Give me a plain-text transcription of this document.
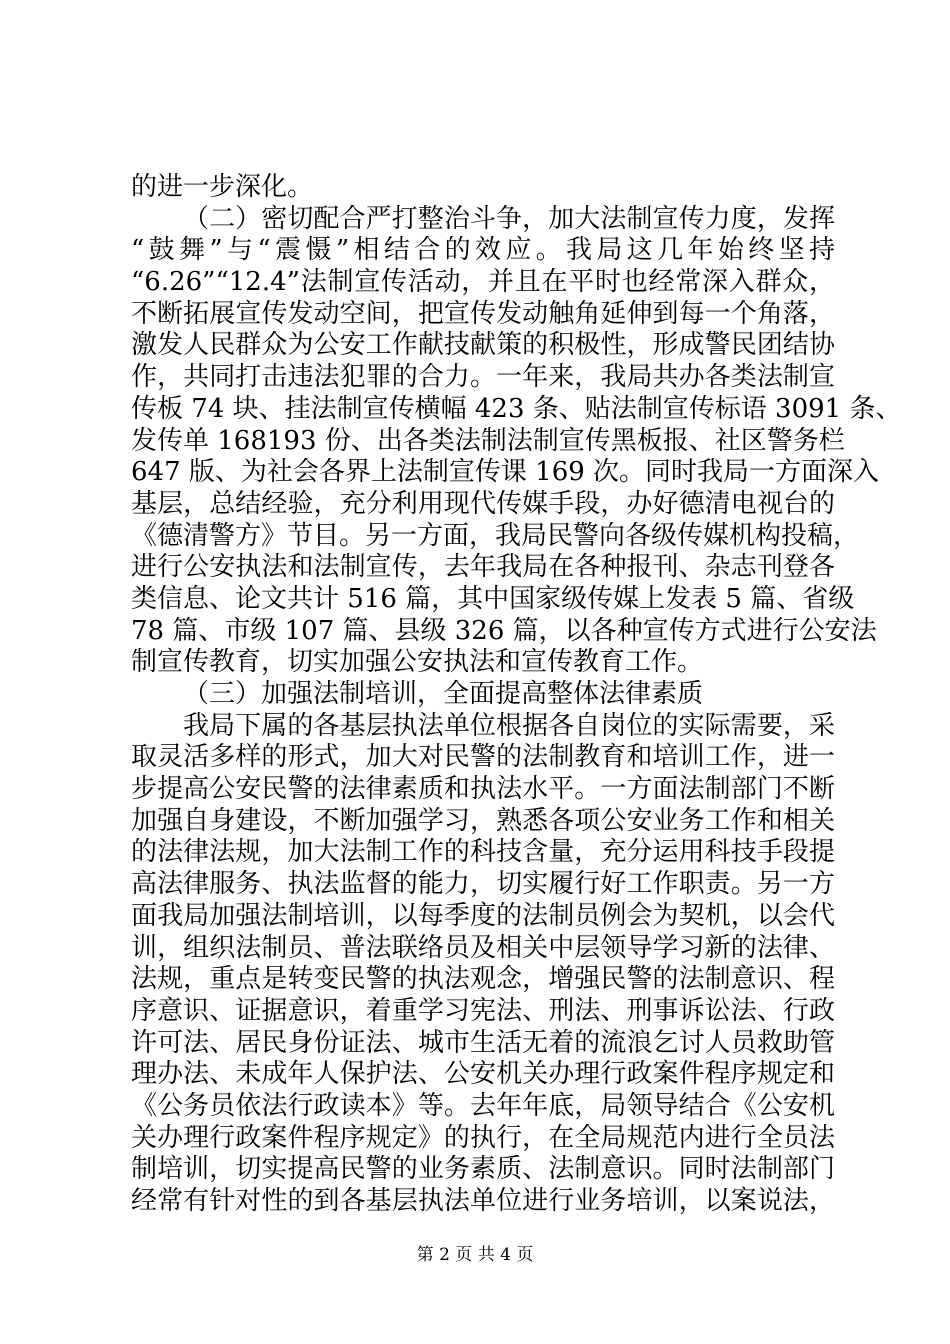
的进一步深化。
（二）密切配合严打整治斗争，加大法制宣传力度，发挥
“鼓舞”与“震慑”相结合的效应。我局这几年始终坚持
“6.26”“12.4”法制宣传活动，并且在平时也经常深入群众，
不断拓展宣传发动空间，把宣传发动触角延伸到每一个角落，
激发人民群众为公安工作献技献策的积极性，形成警民团结协
作，共同打击违法犯罪的合力。一年来，我局共办各类法制宣
传板 74 块、挂法制宣传横幅 423 条、贴法制宣传标语 3091 条、
发传单 168193 份、出各类法制法制宣传黑板报、社区警务栏
647 版、为社会各界上法制宣传课 169 次。同时我局一方面深入
基层，总结经验，充分利用现代传媒手段，办好德清电视台的
《德清警方》节目。另一方面，我局民警向各级传媒机构投稿，
进行公安执法和法制宣传，去年我局在各种报刊、杂志刊登各
类信息、论文共计 516 篇，其中国家级传媒上发表 5 篇、省级
78 篇、市级 107 篇、县级 326 篇，以各种宣传方式进行公安法
制宣传教育，切实加强公安执法和宣传教育工作。
（三）加强法制培训，全面提高整体法律素质
我局下属的各基层执法单位根据各自岗位的实际需要，采
取灵活多样的形式，加大对民警的法制教育和培训工作，进一
步提高公安民警的法律素质和执法水平。一方面法制部门不断
加强自身建设，不断加强学习，熟悉各项公安业务工作和相关
的法律法规，加大法制工作的科技含量，充分运用科技手段提
高法律服务、执法监督的能力，切实履行好工作职责。另一方
面我局加强法制培训，以每季度的法制员例会为契机，以会代
训，组织法制员、普法联络员及相关中层领导学习新的法律、
法规，重点是转变民警的执法观念，增强民警的法制意识、程
序意识、证据意识，着重学习宪法、刑法、刑事诉讼法、行政
许可法、居民身份证法、城市生活无着的流浪乞讨人员救助管
理办法、未成年人保护法、公安机关办理行政案件程序规定和
《公务员依法行政读本》等。去年年底，局领导结合《公安机
关办理行政案件程序规定》的执行，在全局规范内进行全员法
制培训，切实提高民警的业务素质、法制意识。同时法制部门
经常有针对性的到各基层执法单位进行业务培训，以案说法，
第 2 页 共 4 页
